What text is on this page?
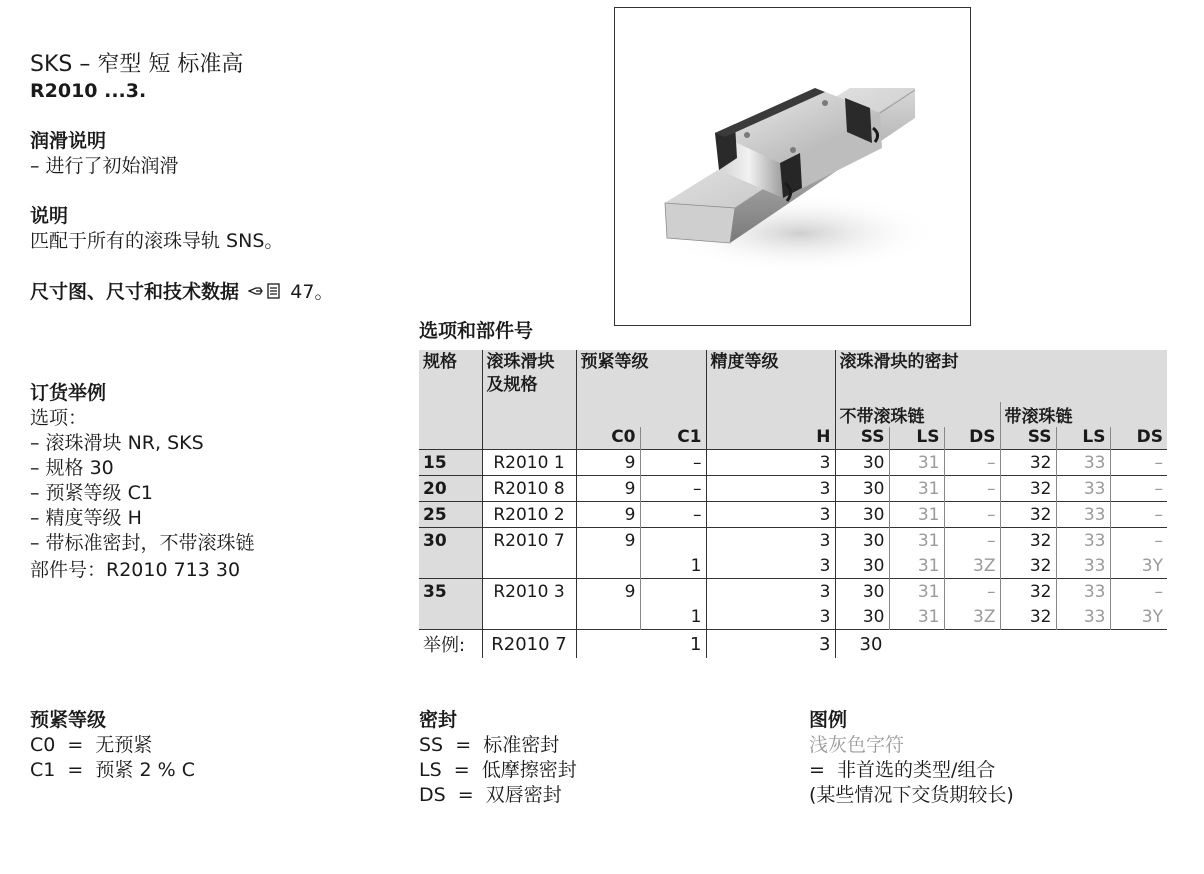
SKS – 窄型 短 标准高
R2010 ...3.
润滑说明
– 进行了初始润滑
说明
匹配于所有的滚珠导轨 SNS。
尺寸图、尺寸和技术数据	47。
订货举例
选项：
– 滚珠滑块 NR, SKS
– 规格 30
– 预紧等级 C1
– 精度等级 H
– 带标准密封，不带滚珠链
部件号：R2010 713 30
选项和部件号
规格	滚珠滑块
及规格	预紧等级		精度等级	滚珠滑块的密封					
					不带滚珠链			带滚珠链		
		C0	C1	H	SS	LS	DS	SS	LS	DS
15	R2010 1	9	–	3	30	31	–	32	33	–
20	R2010 8	9	–	3	30	31	–	32	33	–
25	R2010 2	9	–	3	30	31	–	32	33	–
30	R2010 7	9		3	30	31	–	32	33	–
			1	3	30	31	3Z	32	33	3Y
35	R2010 3	9		3	30	31	–	32	33	–
			1	3	30	31	3Z	32	33	3Y
举例:	R2010 7		1	3	30					
预紧等级
C0  =  无预紧
C1  =  预紧 2 % C
密封
SS  =  标准密封
LS  =  低摩擦密封
DS  =  双唇密封
图例
浅灰色字符
=  非首选的类型/组合
(某些情况下交货期较长)
